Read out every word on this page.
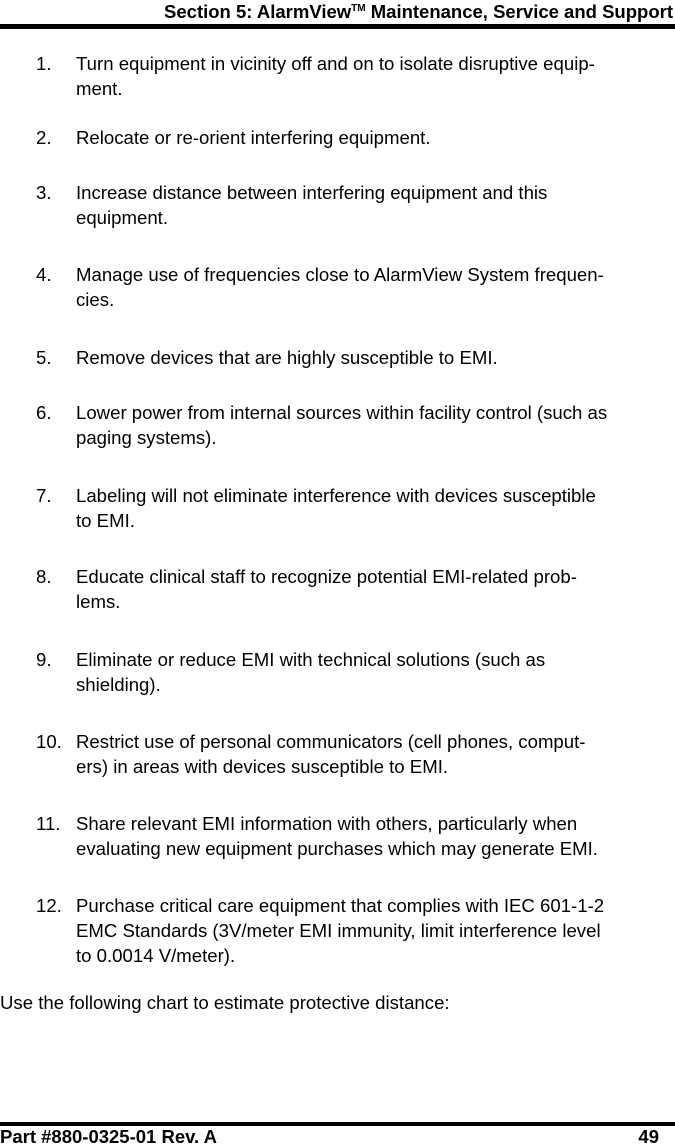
Section 5: AlarmView™ Maintenance, Service and Support
1. Turn equipment in vicinity off and on to isolate disruptive equip-
ment.
2. Relocate or re-orient interfering equipment.
3. Increase distance between interfering equipment and this
equipment.
4. Manage use of frequencies close to AlarmView System frequen-
cies.
5. Remove devices that are highly susceptible to EMI.
6. Lower power from internal sources within facility control (such as
paging systems).
7. Labeling will not eliminate interference with devices susceptible
to EMI.
8. Educate clinical staff to recognize potential EMI-related prob-
lems.
9. Eliminate or reduce EMI with technical solutions (such as
shielding).
10. Restrict use of personal communicators (cell phones, comput-
ers) in areas with devices susceptible to EMI.
11. Share relevant EMI information with others, particularly when
evaluating new equipment purchases which may generate EMI.
12. Purchase critical care equipment that complies with IEC 601-1-2
EMC Standards (3V/meter EMI immunity, limit interference level
to 0.0014 V/meter).
Use the following chart to estimate protective distance:
Part #880-0325-01 Rev. A	49
